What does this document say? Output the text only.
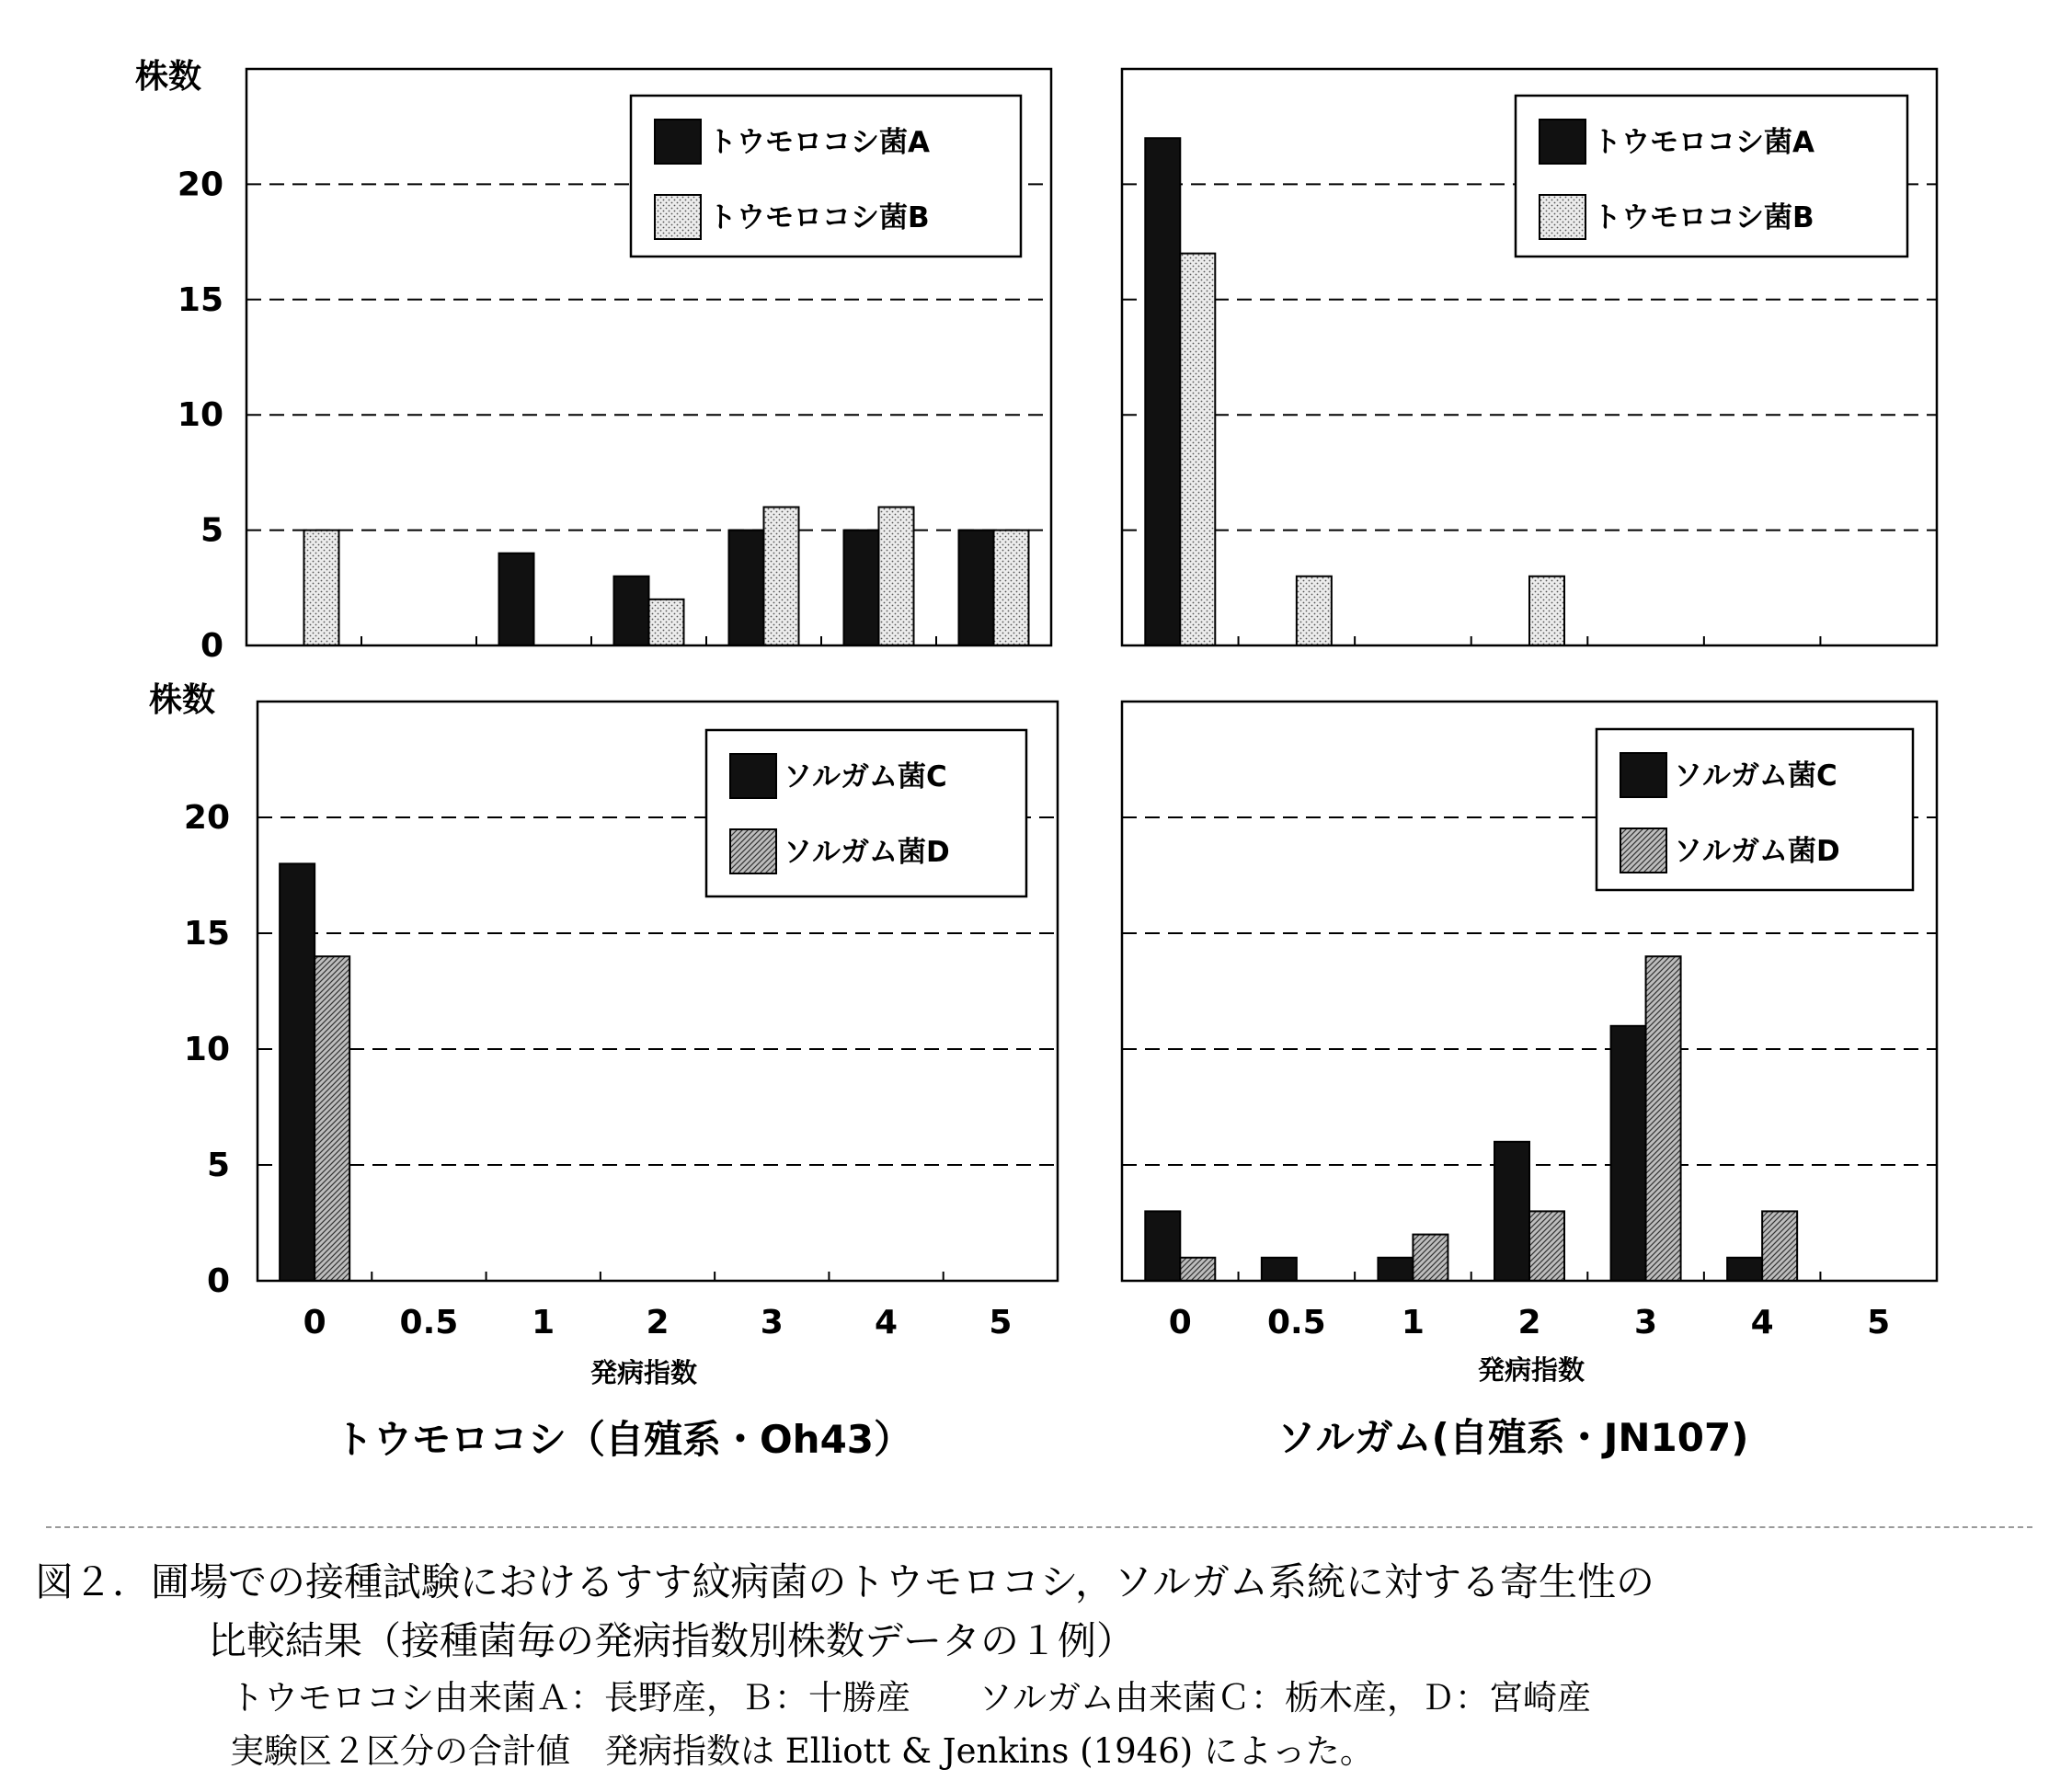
株数
0
5
10
15
20
トウモロコシ菌A
トウモロコシ菌B
トウモロコシ菌A
トウモロコシ菌B
株数
0
5
10
15
20
0 0.5 1	2	3	4	5
発病指数
トウモロコシ（自殖系・Oh43）
ソルガム菌C
ソルガム菌D
0 0.5 1	2	3	4	5
発病指数
ソルガム(自殖系・JN107)
ソルガム菌C
ソルガム菌D
図２．圃場での接種試験におけるすす紋病菌のトウモロコシ，ソルガム系統に対する寄生性の
比較結果（接種菌毎の発病指数別株数データの１例）
トウモロコシ由来菌Ａ：長野産，Ｂ：十勝産　　ソルガム由来菌Ｃ：栃木産，Ｄ：宮崎産
実験区２区分の合計値　発病指数は Elliott & Jenkins (1946) によった。
